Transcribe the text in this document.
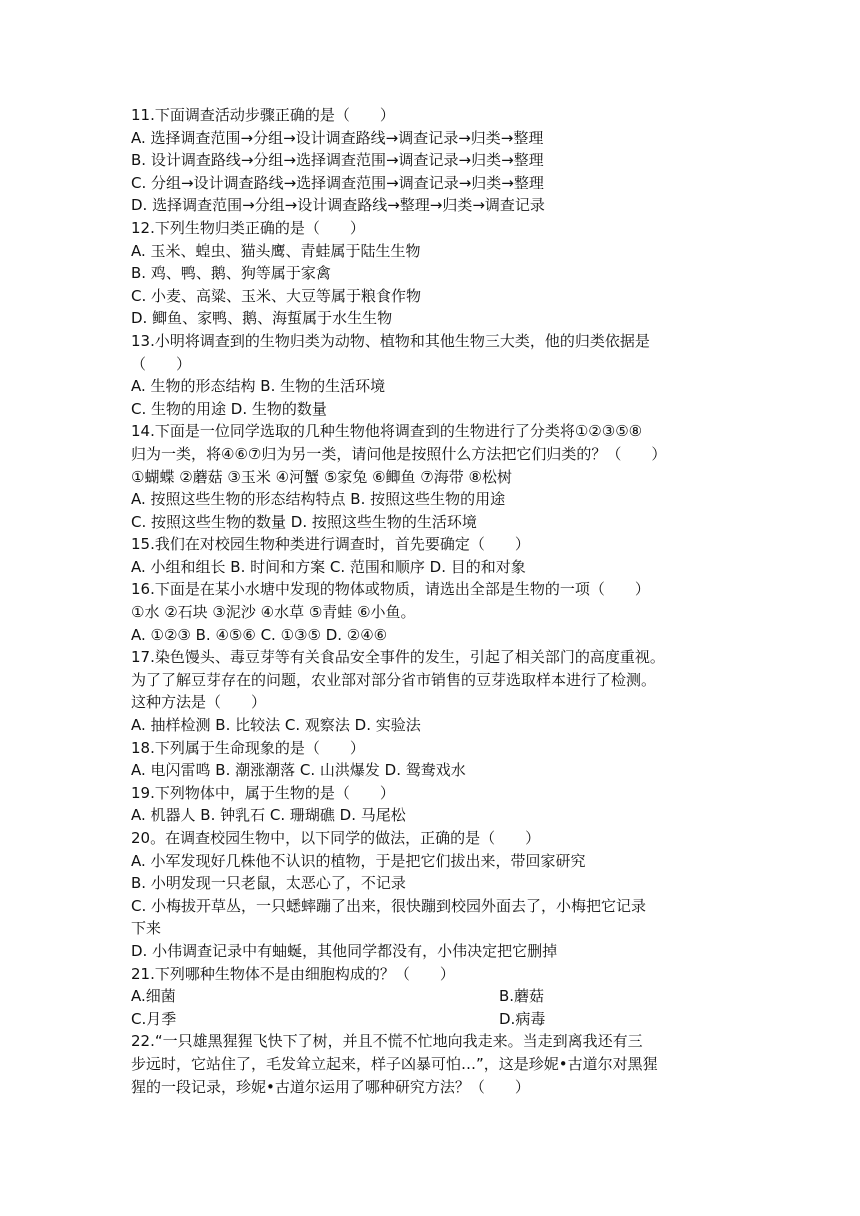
11.下面调查活动步骤正确的是（　　）
A. 选择调查范围→分组→设计调查路线→调查记录→归类→整理
B. 设计调查路线→分组→选择调查范围→调查记录→归类→整理
C. 分组→设计调查路线→选择调查范围→调查记录→归类→整理
D. 选择调查范围→分组→设计调查路线→整理→归类→调查记录
12.下列生物归类正确的是（　　）
A. 玉米、蝗虫、猫头鹰、青蛙属于陆生生物
B. 鸡、鸭、鹅、狗等属于家禽
C. 小麦、高粱、玉米、大豆等属于粮食作物
D. 鲫鱼、家鸭、鹅、海蜇属于水生生物
13.小明将调查到的生物归类为动物、植物和其他生物三大类，他的归类依据是
（　　）
A. 生物的形态结构 B. 生物的生活环境
C. 生物的用途 D. 生物的数量
14.下面是一位同学选取的几种生物他将调查到的生物进行了分类将①②③⑤⑧
归为一类，将④⑥⑦归为另一类，请问他是按照什么方法把它们归类的？（　　）
①蝴蝶 ②蘑菇 ③玉米 ④河蟹 ⑤家兔 ⑥鲫鱼 ⑦海带 ⑧松树
A. 按照这些生物的形态结构特点 B. 按照这些生物的用途
C. 按照这些生物的数量 D. 按照这些生物的生活环境
15.我们在对校园生物种类进行调查时，首先要确定（　　）
A. 小组和组长 B. 时间和方案 C. 范围和顺序 D. 目的和对象
16.下面是在某小水塘中发现的物体或物质，请选出全部是生物的一项（　　）
①水 ②石块 ③泥沙 ④水草 ⑤青蛙 ⑥小鱼。
A. ①②③ B. ④⑤⑥ C. ①③⑤ D. ②④⑥
17.染色馒头、毒豆芽等有关食品安全事件的发生，引起了相关部门的高度重视。
为了了解豆芽存在的问题，农业部对部分省市销售的豆芽选取样本进行了检测。
这种方法是（　　）
A. 抽样检测 B. 比较法 C. 观察法 D. 实验法
18.下列属于生命现象的是（　　）
A. 电闪雷鸣 B. 潮涨潮落 C. 山洪爆发 D. 鸳鸯戏水
19.下列物体中，属于生物的是（　　）
A. 机器人 B. 钟乳石 C. 珊瑚礁 D. 马尾松
20。在调查校园生物中，以下同学的做法，正确的是（　　）
A. 小军发现好几株他不认识的植物，于是把它们拔出来，带回家研究
B. 小明发现一只老鼠，太恶心了，不记录
C. 小梅拔开草丛，一只蟋蟀蹦了出来，很快蹦到校园外面去了，小梅把它记录
下来
D. 小伟调查记录中有蚰蜒，其他同学都没有，小伟决定把它删掉
21.下列哪种生物体不是由细胞构成的？（　　）
A.细菌	B.蘑菇
C.月季	D.病毒
22.“一只雄黑猩猩飞快下了树，并且不慌不忙地向我走来。当走到离我还有三
步远时，它站住了，毛发耸立起来，样子凶暴可怕…”，这是珍妮•古道尔对黑猩
猩的一段记录，珍妮•古道尔运用了哪种研究方法？（　　）
